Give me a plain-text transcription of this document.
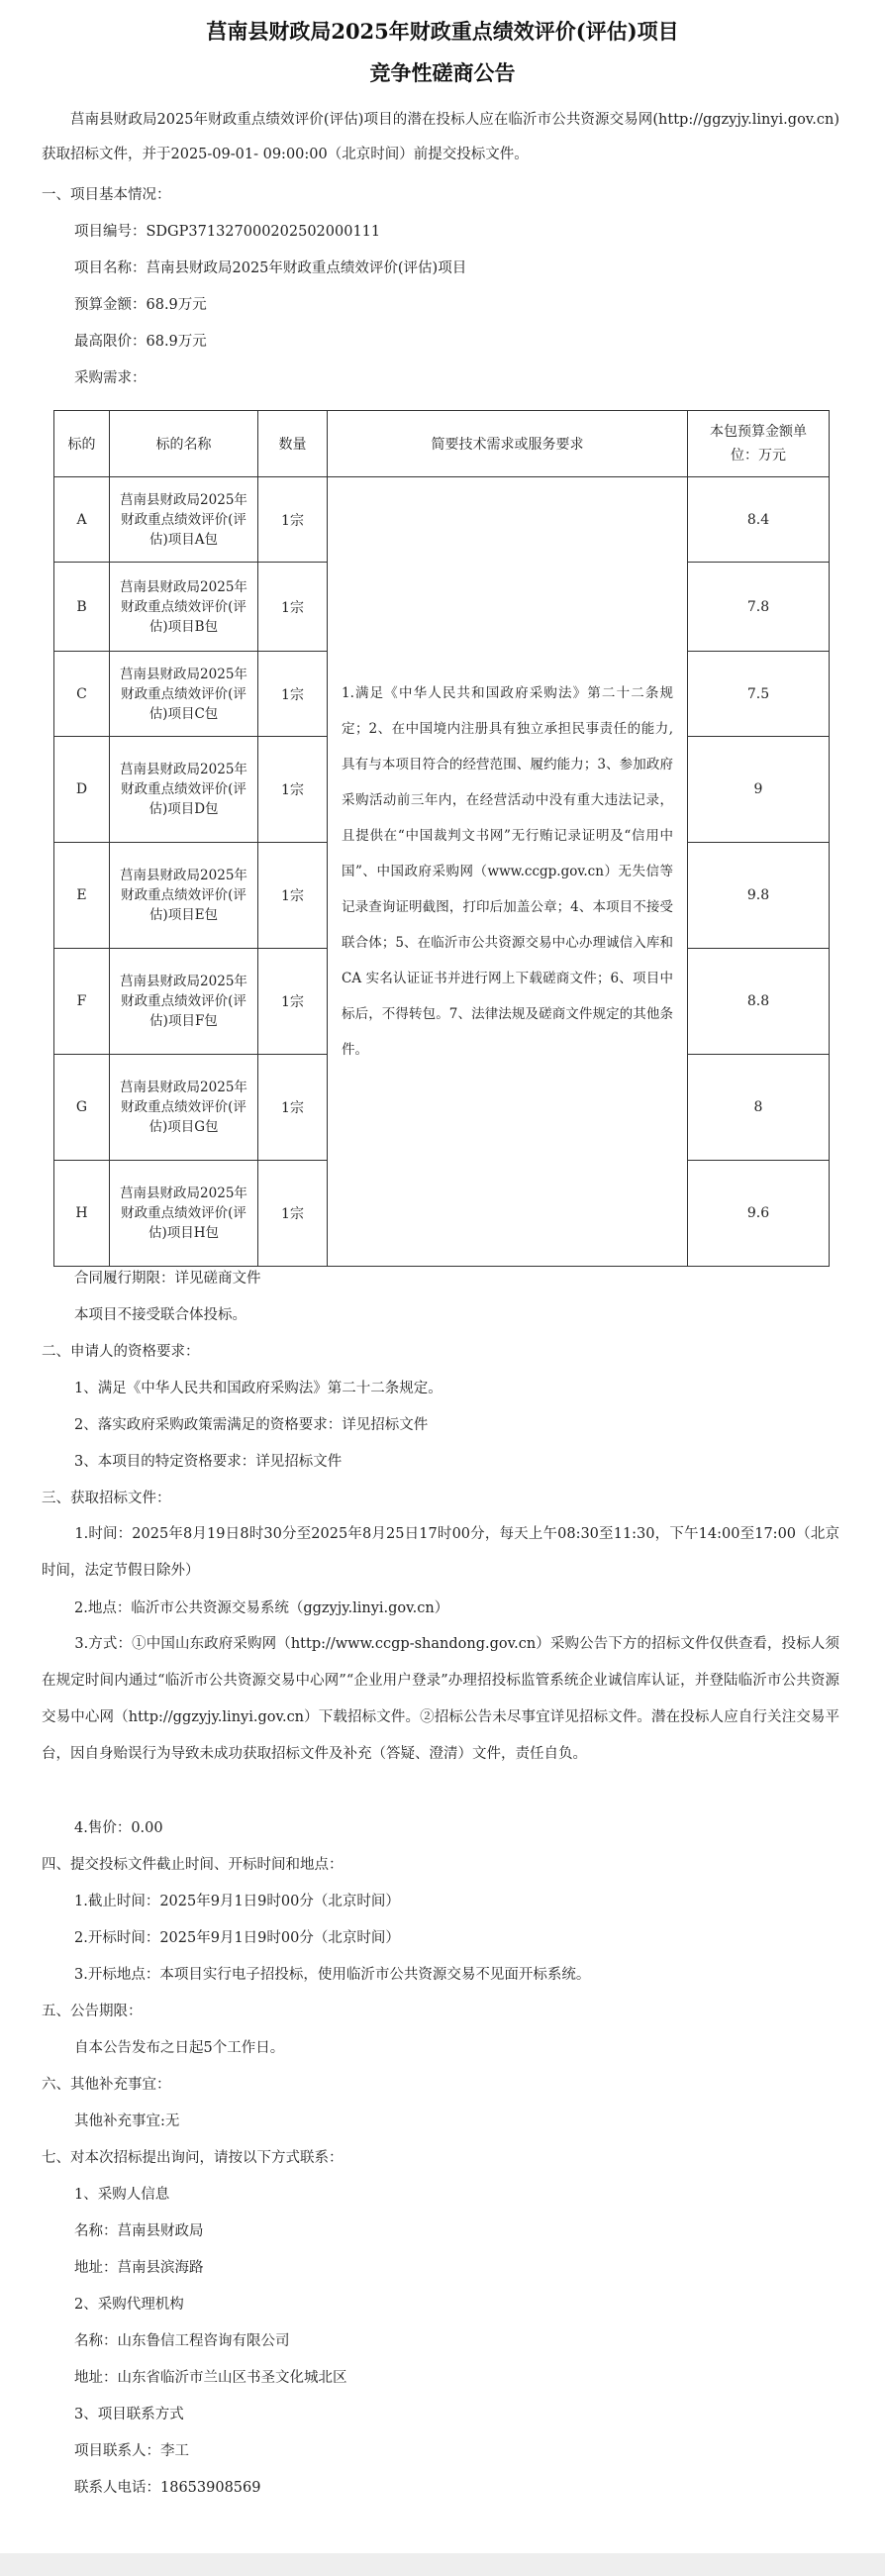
莒南县财政局2025年财政重点绩效评价(评估)项目
竞争性磋商公告
莒南县财政局2025年财政重点绩效评价(评估)项目的潜在投标人应在临沂市公共资源交易网(http://ggzyjy.linyi.gov.cn)获取招标文件，并于2025-09-01- 09:00:00（北京时间）前提交投标文件。
一、项目基本情况：
项目编号：SDGP371327000202502000111
项目名称：莒南县财政局2025年财政重点绩效评价(评估)项目
预算金额：68.9万元
最高限价：68.9万元
采购需求：
标的	标的名称	数量	简要技术需求或服务要求	本包预算金额单位：万元
A	莒南县财政局2025年财政重点绩效评价(评估)项目A包	1宗	1.满足《中华人民共和国政府采购法》第二十二条规定；2、在中国境内注册具有独立承担民事责任的能力,具有与本项目符合的经营范围、履约能力；3、参加政府采购活动前三年内，在经营活动中没有重大违法记录，且提供在“中国裁判文书网”无行贿记录证明及“信用中国”、中国政府采购网（www.ccgp.gov.cn）无失信等记录查询证明截图，打印后加盖公章；4、本项目不接受联合体；5、在临沂市公共资源交易中心办理诚信入库和 CA 实名认证证书并进行网上下载磋商文件；6、项目中标后，不得转包。7、法律法规及磋商文件规定的其他条件。	8.4
B	莒南县财政局2025年财政重点绩效评价(评估)项目B包	1宗		7.8
C	莒南县财政局2025年财政重点绩效评价(评估)项目C包	1宗		7.5
D	莒南县财政局2025年财政重点绩效评价(评估)项目D包	1宗		9
E	莒南县财政局2025年财政重点绩效评价(评估)项目E包	1宗		9.8
F	莒南县财政局2025年财政重点绩效评价(评估)项目F包	1宗		8.8
G	莒南县财政局2025年财政重点绩效评价(评估)项目G包	1宗		8
H	莒南县财政局2025年财政重点绩效评价(评估)项目H包	1宗		9.6
合同履行期限：详见磋商文件
本项目不接受联合体投标。
二、申请人的资格要求：
1、满足《中华人民共和国政府采购法》第二十二条规定。
2、落实政府采购政策需满足的资格要求：详见招标文件
3、本项目的特定资格要求：详见招标文件
三、获取招标文件：
1.时间：2025年8月19日8时30分至2025年8月25日17时00分，每天上午08:30至11:30，下午14:00至17:00（北京时间，法定节假日除外）
2.地点：临沂市公共资源交易系统（ggzyjy.linyi.gov.cn）
3.方式：①中国山东政府采购网（http://www.ccgp-shandong.gov.cn）采购公告下方的招标文件仅供查看，投标人须在规定时间内通过“临沂市公共资源交易中心网”“企业用户登录”办理招投标监管系统企业诚信库认证，并登陆临沂市公共资源交易中心网（http://ggzyjy.linyi.gov.cn）下载招标文件。②招标公告未尽事宜详见招标文件。潜在投标人应自行关注交易平台，因自身贻误行为导致未成功获取招标文件及补充（答疑、澄清）文件，责任自负。
4.售价：0.00
四、提交投标文件截止时间、开标时间和地点：
1.截止时间：2025年9月1日9时00分（北京时间）
2.开标时间：2025年9月1日9时00分（北京时间）
3.开标地点：本项目实行电子招投标，使用临沂市公共资源交易不见面开标系统。
五、公告期限：
自本公告发布之日起5个工作日。
六、其他补充事宜：
其他补充事宜:无
七、对本次招标提出询问，请按以下方式联系：
1、采购人信息
名称：莒南县财政局
地址：莒南县滨海路
2、采购代理机构
名称：山东鲁信工程咨询有限公司
地址：山东省临沂市兰山区书圣文化城北区
3、项目联系方式
项目联系人：李工
联系人电话：18653908569
